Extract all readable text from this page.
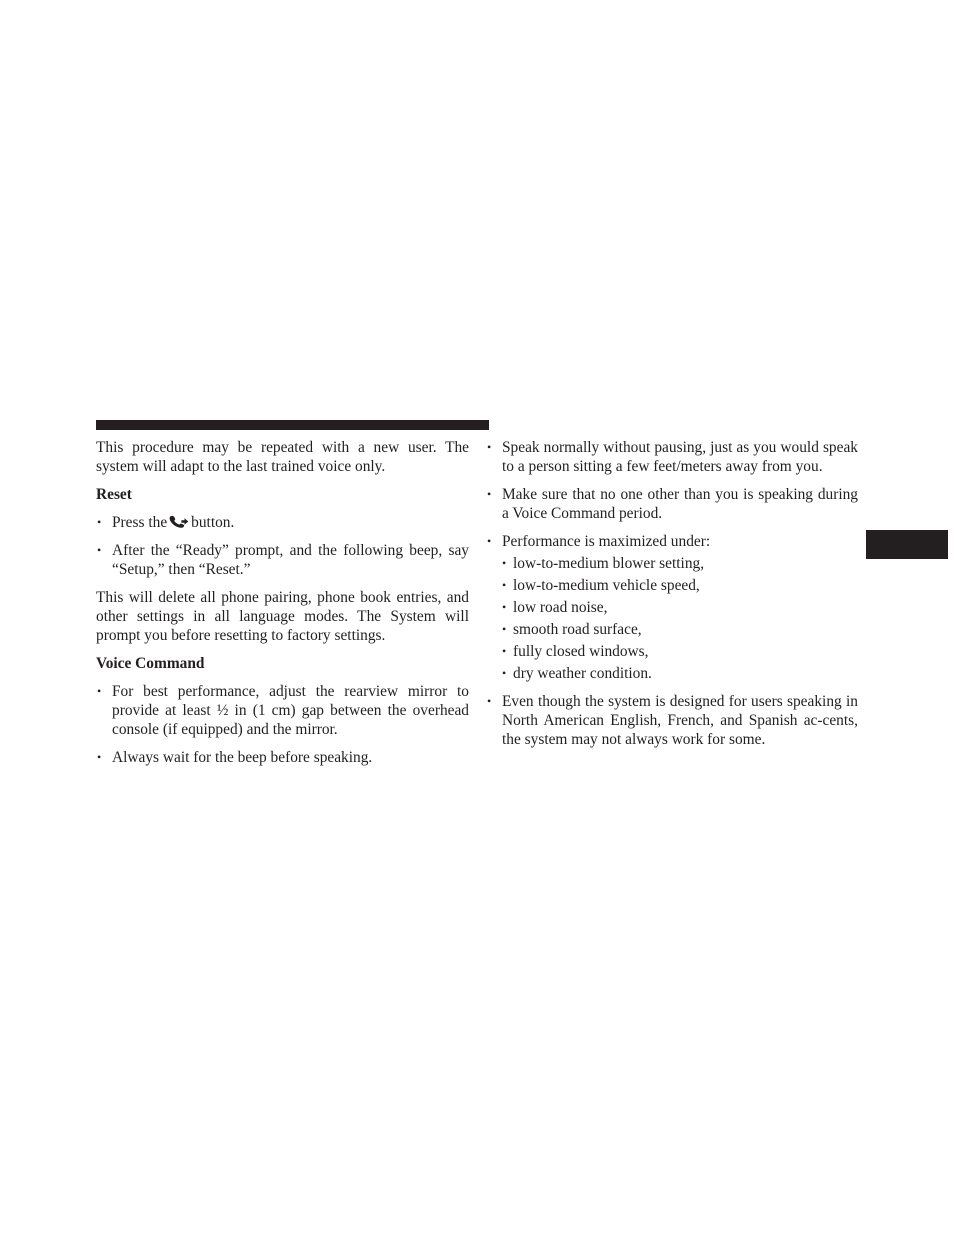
This procedure may be repeated with a new user. The system will adapt to the last trained voice only.

Reset

• Press the button.
• After the “Ready” prompt, and the following beep, say “Setup,” then “Reset.”

This will delete all phone pairing, phone book entries, and other settings in all language modes. The System will prompt you before resetting to factory settings.

Voice Command

• For best performance, adjust the rearview mirror to provide at least ½ in (1 cm) gap between the overhead console (if equipped) and the mirror.
• Always wait for the beep before speaking.
• Speak normally without pausing, just as you would speak to a person sitting a few feet/meters away from you.
• Make sure that no one other than you is speaking during a Voice Command period.
• Performance is maximized under:
• low-to-medium blower setting,
• low-to-medium vehicle speed,
• low road noise,
• smooth road surface,
• fully closed windows,
• dry weather condition.
• Even though the system is designed for users speaking in North American English, French, and Spanish ac-cents, the system may not always work for some.
